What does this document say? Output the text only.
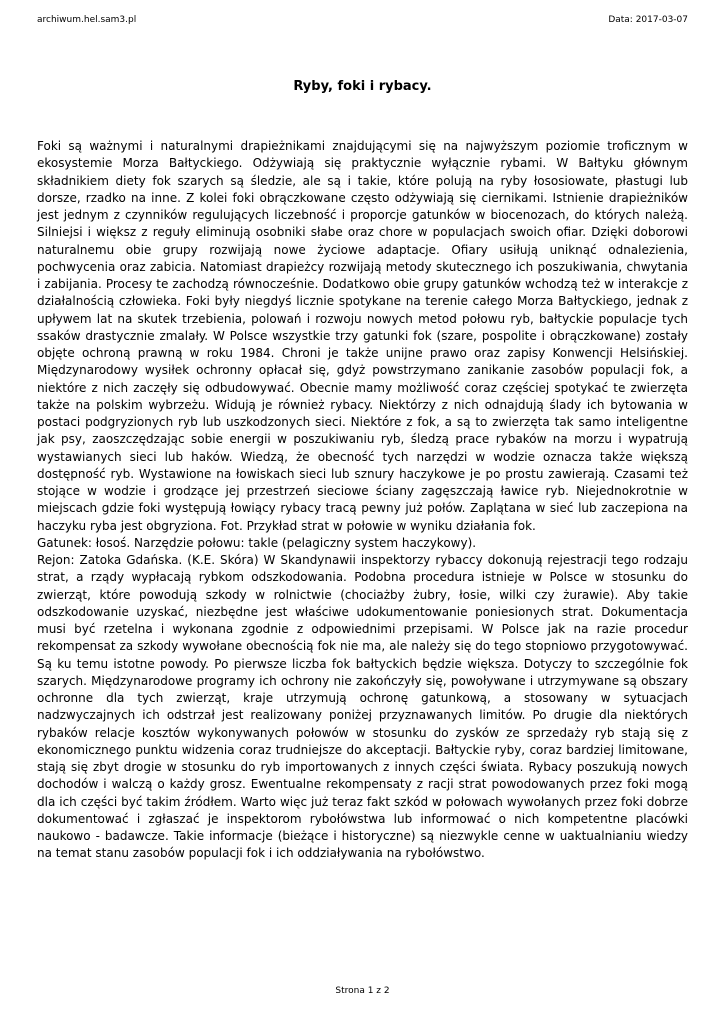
archiwum.hel.sam3.pl	Data: 2017-03-07
Ryby, foki i rybacy.

Foki są ważnymi i naturalnymi drapieżnikami znajdującymi się na najwyższym poziomie troficznym w ekosystemie Morza Bałtyckiego. Odżywiają się praktycznie wyłącznie rybami. W Bałtyku głównym składnikiem diety fok szarych są śledzie, ale są i takie, które polują na ryby łososiowate, płastugi lub dorsze, rzadko na inne. Z kolei foki obrączkowane często odżywiają się ciernikami. Istnienie drapieżników jest jednym z czynników regulujących liczebność i proporcje gatunków w biocenozach, do których należą. Silniejsi i większ z reguły eliminują osobniki słabe oraz chore w populacjach swoich ofiar. Dzięki doborowi naturalnemu obie grupy rozwijają nowe życiowe adaptacje. Ofiary usiłują uniknąć odnalezienia, pochwycenia oraz zabicia. Natomiast drapieżcy rozwijają metody skutecznego ich poszukiwania, chwytania i zabijania. Procesy te zachodzą równocześnie. Dodatkowo obie grupy gatunków wchodzą też w interakcje z działalnością człowieka. Foki były niegdyś licznie spotykane na terenie całego Morza Bałtyckiego, jednak z upływem lat na skutek trzebienia, polowań i rozwoju nowych metod połowu ryb, bałtyckie populacje tych ssaków drastycznie zmalały. W Polsce wszystkie trzy gatunki fok (szare, pospolite i obrączkowane) zostały objęte ochroną prawną w roku 1984. Chroni je także unijne prawo oraz zapisy Konwencji Helsińskiej. Międzynarodowy wysiłek ochronny opłacał się, gdyż powstrzymano zanikanie zasobów populacji fok, a niektóre z nich zaczęły się odbudowywać. Obecnie mamy możliwość coraz częściej spotykać te zwierzęta także na polskim wybrzeżu. Widują je również rybacy. Niektórzy z nich odnajdują ślady ich bytowania w postaci podgryzionych ryb lub uszkodzonych sieci. Niektóre z fok, a są to zwierzęta tak samo inteligentne jak psy, zaoszczędzając sobie energii w poszukiwaniu ryb, śledzą prace rybaków na morzu i wypatrują wystawianych sieci lub haków. Wiedzą, że obecność tych narzędzi w wodzie oznacza także większą dostępność ryb. Wystawione na łowiskach sieci lub sznury haczykowe je po prostu zawierają. Czasami też stojące w wodzie i grodzące jej przestrzeń sieciowe ściany zagęszczają ławice ryb. Niejednokrotnie w miejscach gdzie foki występują łowiący rybacy tracą pewny już połów. Zaplątana w sieć lub zaczepiona na haczyku ryba jest obgryziona. Fot. Przykład strat w połowie w wyniku działania fok.

Gatunek: łosoś. Narzędzie połowu: takle (pelagiczny system haczykowy).

Rejon: Zatoka Gdańska. (K.E. Skóra) W Skandynawii inspektorzy rybaccy dokonują rejestracji tego rodzaju strat, a rządy wypłacają rybkom odszkodowania. Podobna procedura istnieje w Polsce w stosunku do zwierząt, które powodują szkody w rolnictwie (chociażby żubry, łosie, wilki czy żurawie). Aby takie odszkodowanie uzyskać, niezbędne jest właściwe udokumentowanie poniesionych strat. Dokumentacja musi być rzetelna i wykonana zgodnie z odpowiednimi przepisami. W Polsce jak na razie procedur rekompensat za szkody wywołane obecnością fok nie ma, ale należy się do tego stopniowo przygotowywać. Są ku temu istotne powody. Po pierwsze liczba fok bałtyckich będzie większa. Dotyczy to szczególnie fok szarych. Międzynarodowe programy ich ochrony nie zakończyły się, powoływane i utrzymywane są obszary ochronne dla tych zwierząt, kraje utrzymują ochronę gatunkową, a stosowany w sytuacjach nadzwyczajnych ich odstrzał jest realizowany poniżej przyznawanych limitów. Po drugie dla niektórych rybaków relacje kosztów wykonywanych połowów w stosunku do zysków ze sprzedaży ryb stają się z ekonomicznego punktu widzenia coraz trudniejsze do akceptacji. Bałtyckie ryby, coraz bardziej limitowane, stają się zbyt drogie w stosunku do ryb importowanych z innych części świata. Rybacy poszukują nowych dochodów i walczą o każdy grosz. Ewentualne rekompensaty z racji strat powodowanych przez foki mogą dla ich części być takim źródłem. Warto więc już teraz fakt szkód w połowach wywołanych przez foki dobrze dokumentować i zgłaszać je inspektorom rybołówstwa lub informować o nich kompetentne placówki naukowo - badawcze. Takie informacje (bieżące i historyczne) są niezwykle cenne w uaktualnianiu wiedzy na temat stanu zasobów populacji fok i ich oddziaływania na rybołówstwo.

Strona 1 z 2
